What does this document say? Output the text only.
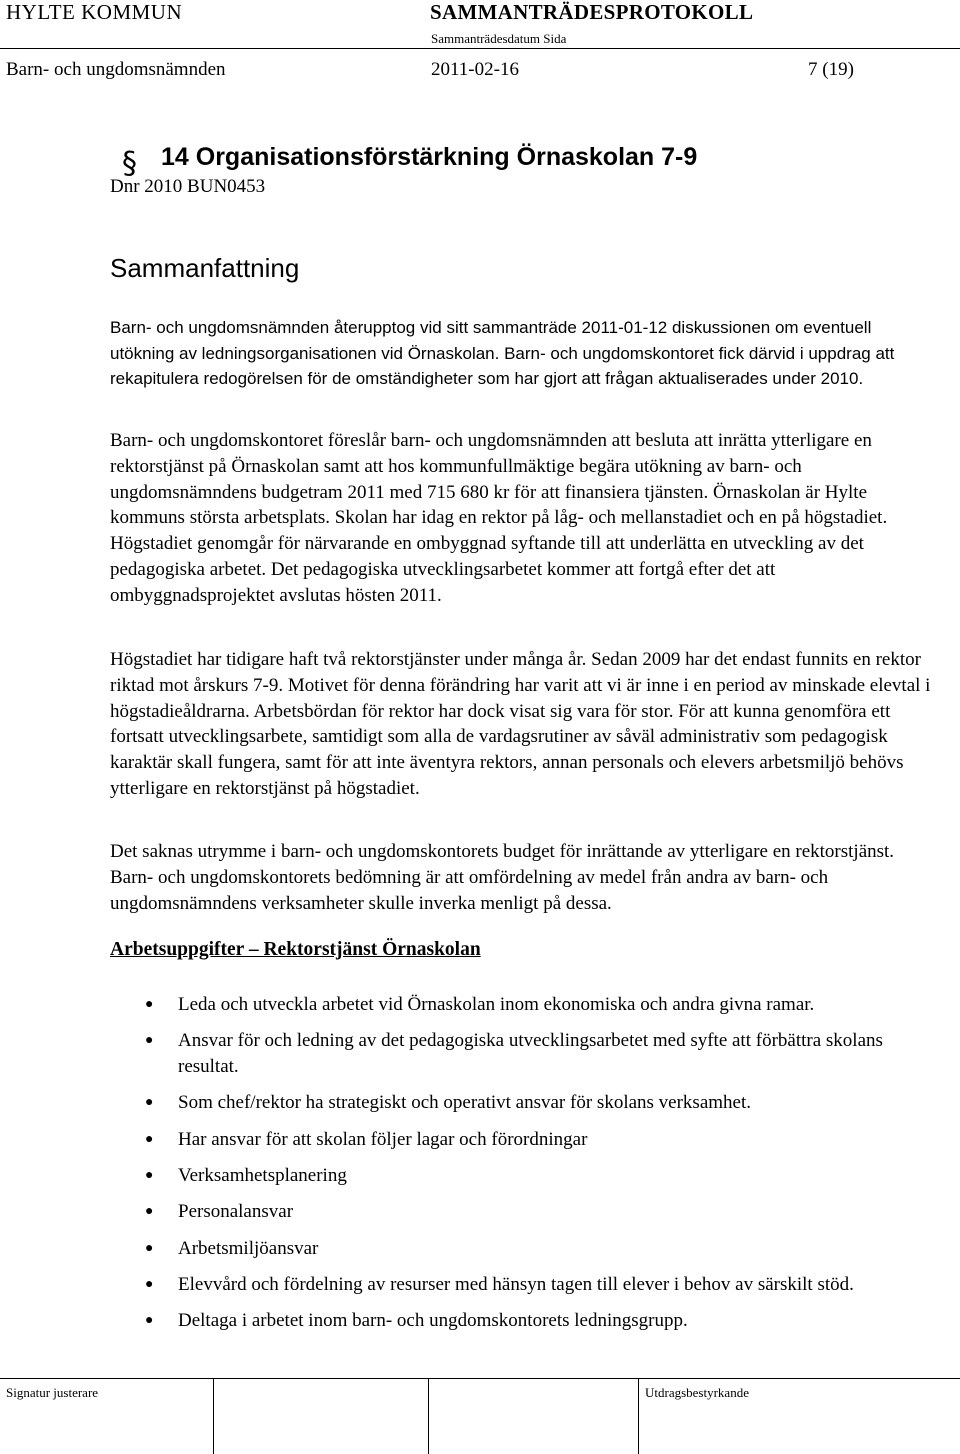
HYLTE KOMMUN	SAMMANTRÄDESPROTOKOLL
Sammanträdesdatum Sida
Barn- och ungdomsnämnden	2011-02-16	7 (19)
§ 14 Organisationsförstärkning Örnaskolan 7-9
Dnr 2010 BUN0453
Sammanfattning
Barn- och ungdomsnämnden återupptog vid sitt sammanträde 2011-01-12 diskussionen om eventuell utökning av ledningsorganisationen vid Örnaskolan. Barn- och ungdomskontoret fick därvid i uppdrag att rekapitulera redogörelsen för de omständigheter som har gjort att frågan aktualiserades under 2010.
Barn- och ungdomskontoret föreslår barn- och ungdomsnämnden att besluta att inrätta ytterligare en rektorstjänst på Örnaskolan samt att hos kommunfullmäktige begära utökning av barn- och ungdomsnämndens budgetram 2011 med 715 680 kr för att finansiera tjänsten. Örnaskolan är Hylte kommuns största arbetsplats. Skolan har idag en rektor på låg- och mellanstadiet och en på högstadiet. Högstadiet genomgår för närvarande en ombyggnad syftande till att underlätta en utveckling av det pedagogiska arbetet. Det pedagogiska utvecklingsarbetet kommer att fortgå efter det att ombyggnadsprojektet avslutas hösten 2011.
Högstadiet har tidigare haft två rektorstjänster under många år. Sedan 2009 har det endast funnits en rektor riktad mot årskurs 7-9. Motivet för denna förändring har varit att vi är inne i en period av minskade elevtal i högstadieåldrarna. Arbetsbördan för rektor har dock visat sig vara för stor. För att kunna genomföra ett fortsatt utvecklingsarbete, samtidigt som alla de vardagsrutiner av såväl administrativ som pedagogisk karaktär skall fungera, samt för att inte äventyra rektors, annan personals och elevers arbetsmiljö behövs ytterligare en rektorstjänst på högstadiet.
Det saknas utrymme i barn- och ungdomskontorets budget för inrättande av ytterligare en rektorstjänst. Barn- och ungdomskontorets bedömning är att omfördelning av medel från andra av barn- och ungdomsnämndens verksamheter skulle inverka menligt på dessa.
Arbetsuppgifter – Rektorstjänst Örnaskolan
● Leda och utveckla arbetet vid Örnaskolan inom ekonomiska och andra givna ramar.
● Ansvar för och ledning av det pedagogiska utvecklingsarbetet med syfte att förbättra skolans resultat.
● Som chef/rektor ha strategiskt och operativt ansvar för skolans verksamhet.
● Har ansvar för att skolan följer lagar och förordningar
● Verksamhetsplanering
● Personalansvar
● Arbetsmiljöansvar
● Elevvård och fördelning av resurser med hänsyn tagen till elever i behov av särskilt stöd.
● Deltaga i arbetet inom barn- och ungdomskontorets ledningsgrupp.
Signatur justerare	Utdragsbestyrkande
